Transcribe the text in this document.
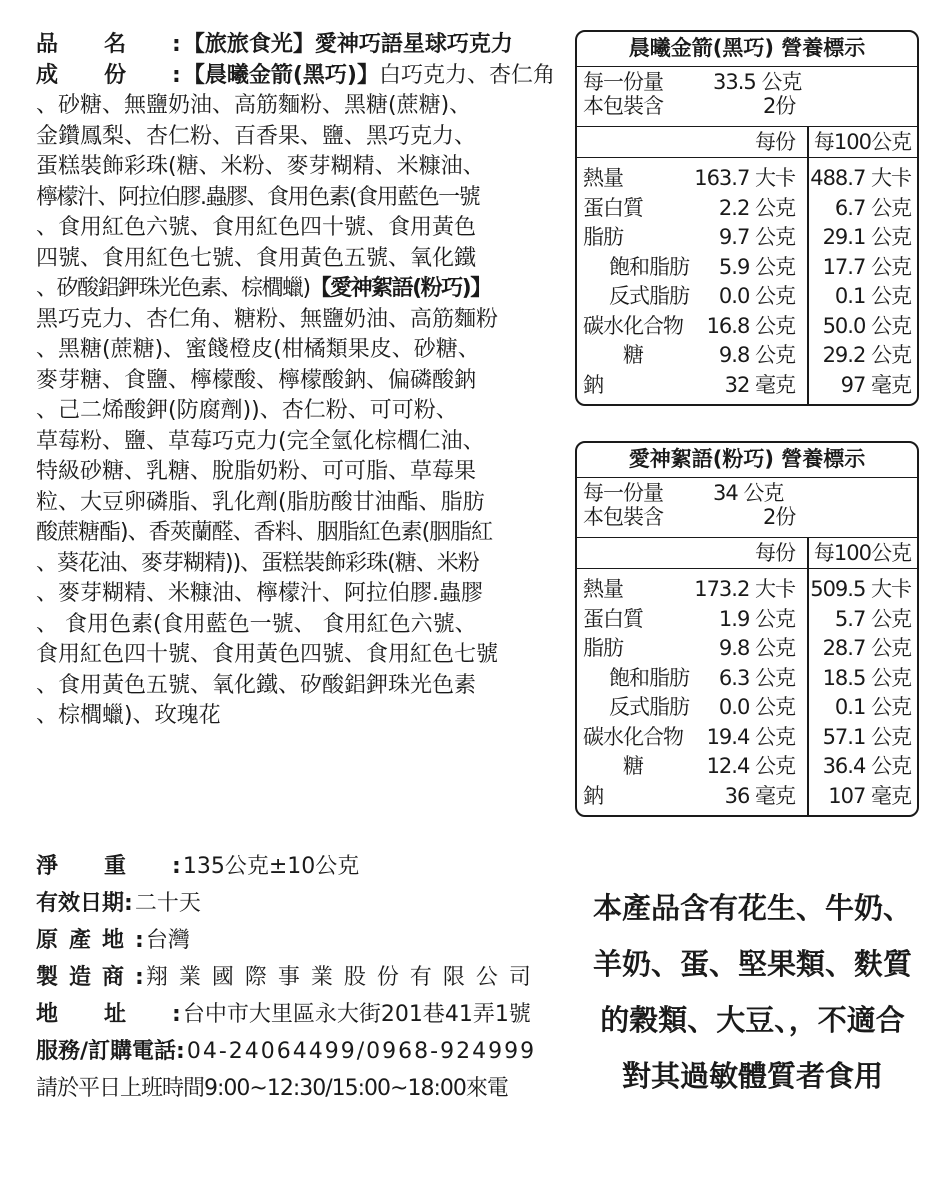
品名:【旅旅食光】愛神巧語星球巧克力
成份:【晨曦金箭(黑巧)】白巧克力、杏仁角
、砂糖、無鹽奶油、高筋麵粉、黑糖(蔗糖)、
金鑽鳳梨、杏仁粉、百香果、鹽、黑巧克力、
蛋糕裝飾彩珠(糖、米粉、麥芽糊精、米糠油、
檸檬汁、阿拉伯膠.蟲膠、食用色素(食用藍色一號
、食用紅色六號、食用紅色四十號、食用黃色
四號、食用紅色七號、食用黃色五號、氧化鐵
、矽酸鋁鉀珠光色素、棕櫚蠟)【愛神絮語(粉巧)】
黑巧克力、杏仁角、糖粉、無鹽奶油、高筋麵粉
、黑糖(蔗糖)、蜜餞橙皮(柑橘類果皮、砂糖、
麥芽糖、食鹽、檸檬酸、檸檬酸鈉、偏磷酸鈉
、己二烯酸鉀(防腐劑))、杏仁粉、可可粉、
草莓粉、鹽、草莓巧克力(完全氫化棕櫚仁油、
特級砂糖、乳糖、脫脂奶粉、可可脂、草莓果
粒、大豆卵磷脂、乳化劑(脂肪酸甘油酯、脂肪
酸蔗糖酯)、香莢蘭醛、香料、胭脂紅色素(胭脂紅
、葵花油、麥芽糊精))、蛋糕裝飾彩珠(糖、米粉
、麥芽糊精、米糠油、檸檬汁、阿拉伯膠.蟲膠
、 食用色素(食用藍色一號、 食用紅色六號、
食用紅色四十號、食用黃色四號、食用紅色七號
、食用黃色五號、氧化鐵、矽酸鋁鉀珠光色素
、棕櫚蠟)、玫瑰花
晨曦金箭(黑巧) 營養標示
每一份量 33.5 公克
本包裝含	2份
每份 每100公克
熱量	163.7 大卡 488.7 大卡
蛋白質	2.2 公克 6.7 公克
脂肪	9.7 公克 29.1 公克
飽和脂肪 5.9 公克 17.7 公克
反式脂肪 0.0 公克 0.1 公克
碳水化合物 16.8 公克 50.0 公克
糖	9.8 公克 29.2 公克
鈉	32 毫克 97 毫克
愛神絮語(粉巧) 營養標示
每一份量 34 公克
本包裝含	2份
每份 每100公克
熱量	173.2 大卡 509.5 大卡
蛋白質	1.9 公克 5.7 公克
脂肪	9.8 公克 28.7 公克
飽和脂肪 6.3 公克 18.5 公克
反式脂肪 0.0 公克 0.1 公克
碳水化合物 19.4 公克 57.1 公克
糖	12.4 公克 36.4 公克
鈉	36 毫克 107 毫克
淨重:135公克±10公克
有效日期:二十天
原產地:台灣
製造商:翔業國際事業股份有限公司
地址:台中市大里區永大街201巷41弄1號
服務/訂購電話:04-24064499/0968-924999
請於平日上班時間9:00~12:30/15:00~18:00來電
本產品含有花生、牛奶、
羊奶、蛋、堅果類、麩質
的穀類、大豆、，不適合
對其過敏體質者食用
